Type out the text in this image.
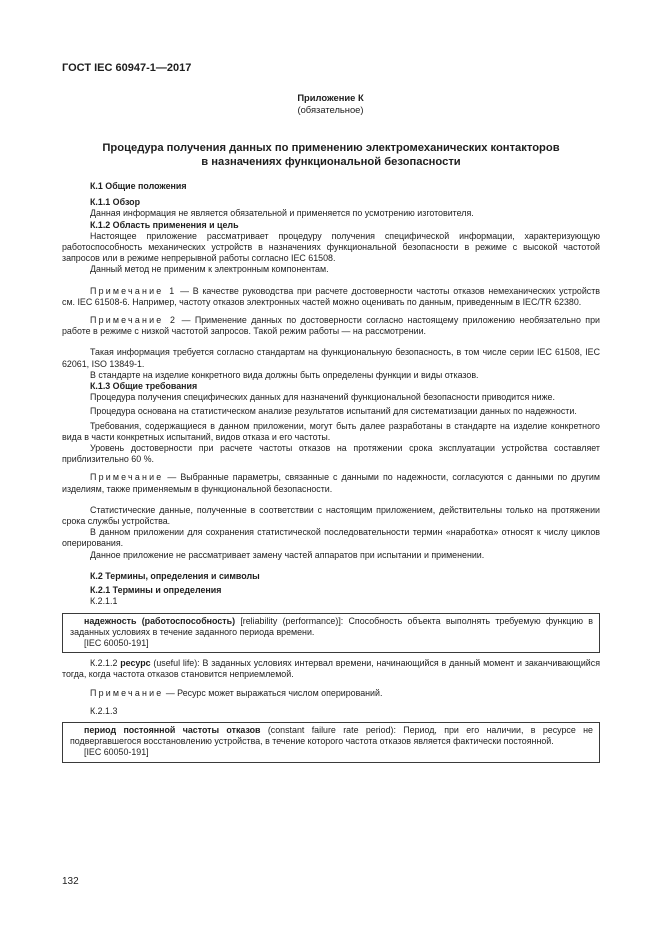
ГОСТ IEC 60947-1—2017
Приложение К
(обязательное)
Процедура получения данных по применению электромеханических контакторов
в назначениях функциональной безопасности

К.1 Общие положения

К.1.1 Обзор

Данная информация не является обязательной и применяется по усмотрению изготовителя.

К.1.2 Область применения и цель

Настоящее приложение рассматривает процедуру получения специфической информации, характеризующую работоспособность механических устройств в назначениях функциональной безопасности в режиме с высокой частотой запросов или в режиме непрерывной работы согласно IEC 61508.

Данный метод не применим к электронным компонентам.

Примечание 1 — В качестве руководства при расчете достоверности частоты отказов немеханических устройств см. IEC 61508-6. Например, частоту отказов электронных частей можно оценивать по данным, приведенным в IEC/TR 62380.

Примечание 2 — Применение данных по достоверности согласно настоящему приложению необязательно при работе в режиме с низкой частотой запросов. Такой режим работы — на рассмотрении.

Такая информация требуется согласно стандартам на функциональную безопасность, в том числе серии IEC 61508, IEC 62061, ISO 13849-1.

В стандарте на изделие конкретного вида должны быть определены функции и виды отказов.

К.1.3 Общие требования

Процедура получения специфических данных для назначений функциональной безопасности приводится ниже.

Процедура основана на статистическом анализе результатов испытаний для систематизации данных по надежности.

Требования, содержащиеся в данном приложении, могут быть далее разработаны в стандарте на изделие конкретного вида в части конкретных испытаний, видов отказа и его частоты.

Уровень достоверности при расчете частоты отказов на протяжении срока эксплуатации устройства составляет приблизительно 60 %.

Примечание — Выбранные параметры, связанные с данными по надежности, согласуются с данными по другим изделиям, также применяемым в функциональной безопасности.

Статистические данные, полученные в соответствии с настоящим приложением, действительны только на протяжении срока службы устройства.

В данном приложении для сохранения статистической последовательности термин «наработка» относят к числу циклов оперирования.

Данное приложение не рассматривает замену частей аппаратов при испытании и применении.

К.2 Термины, определения и символы

К.2.1 Термины и определения

К.2.1.1

надежность (работоспособность) [reliability (performance)]: Способность объекта выполнять требуемую функцию в заданных условиях в течение заданного периода времени.

[IEC 60050-191]

К.2.1.2 ресурс (useful life): В заданных условиях интервал времени, начинающийся в данный момент и заканчивающийся тогда, когда частота отказов становится неприемлемой.

Примечание — Ресурс может выражаться числом оперирований.

К.2.1.3

период постоянной частоты отказов (constant failure rate period): Период, при его наличии, в ресурсе не подвергавшегося восстановлению устройства, в течение которого частота отказов является фактически постоянной.

[IEC 60050-191]

132
